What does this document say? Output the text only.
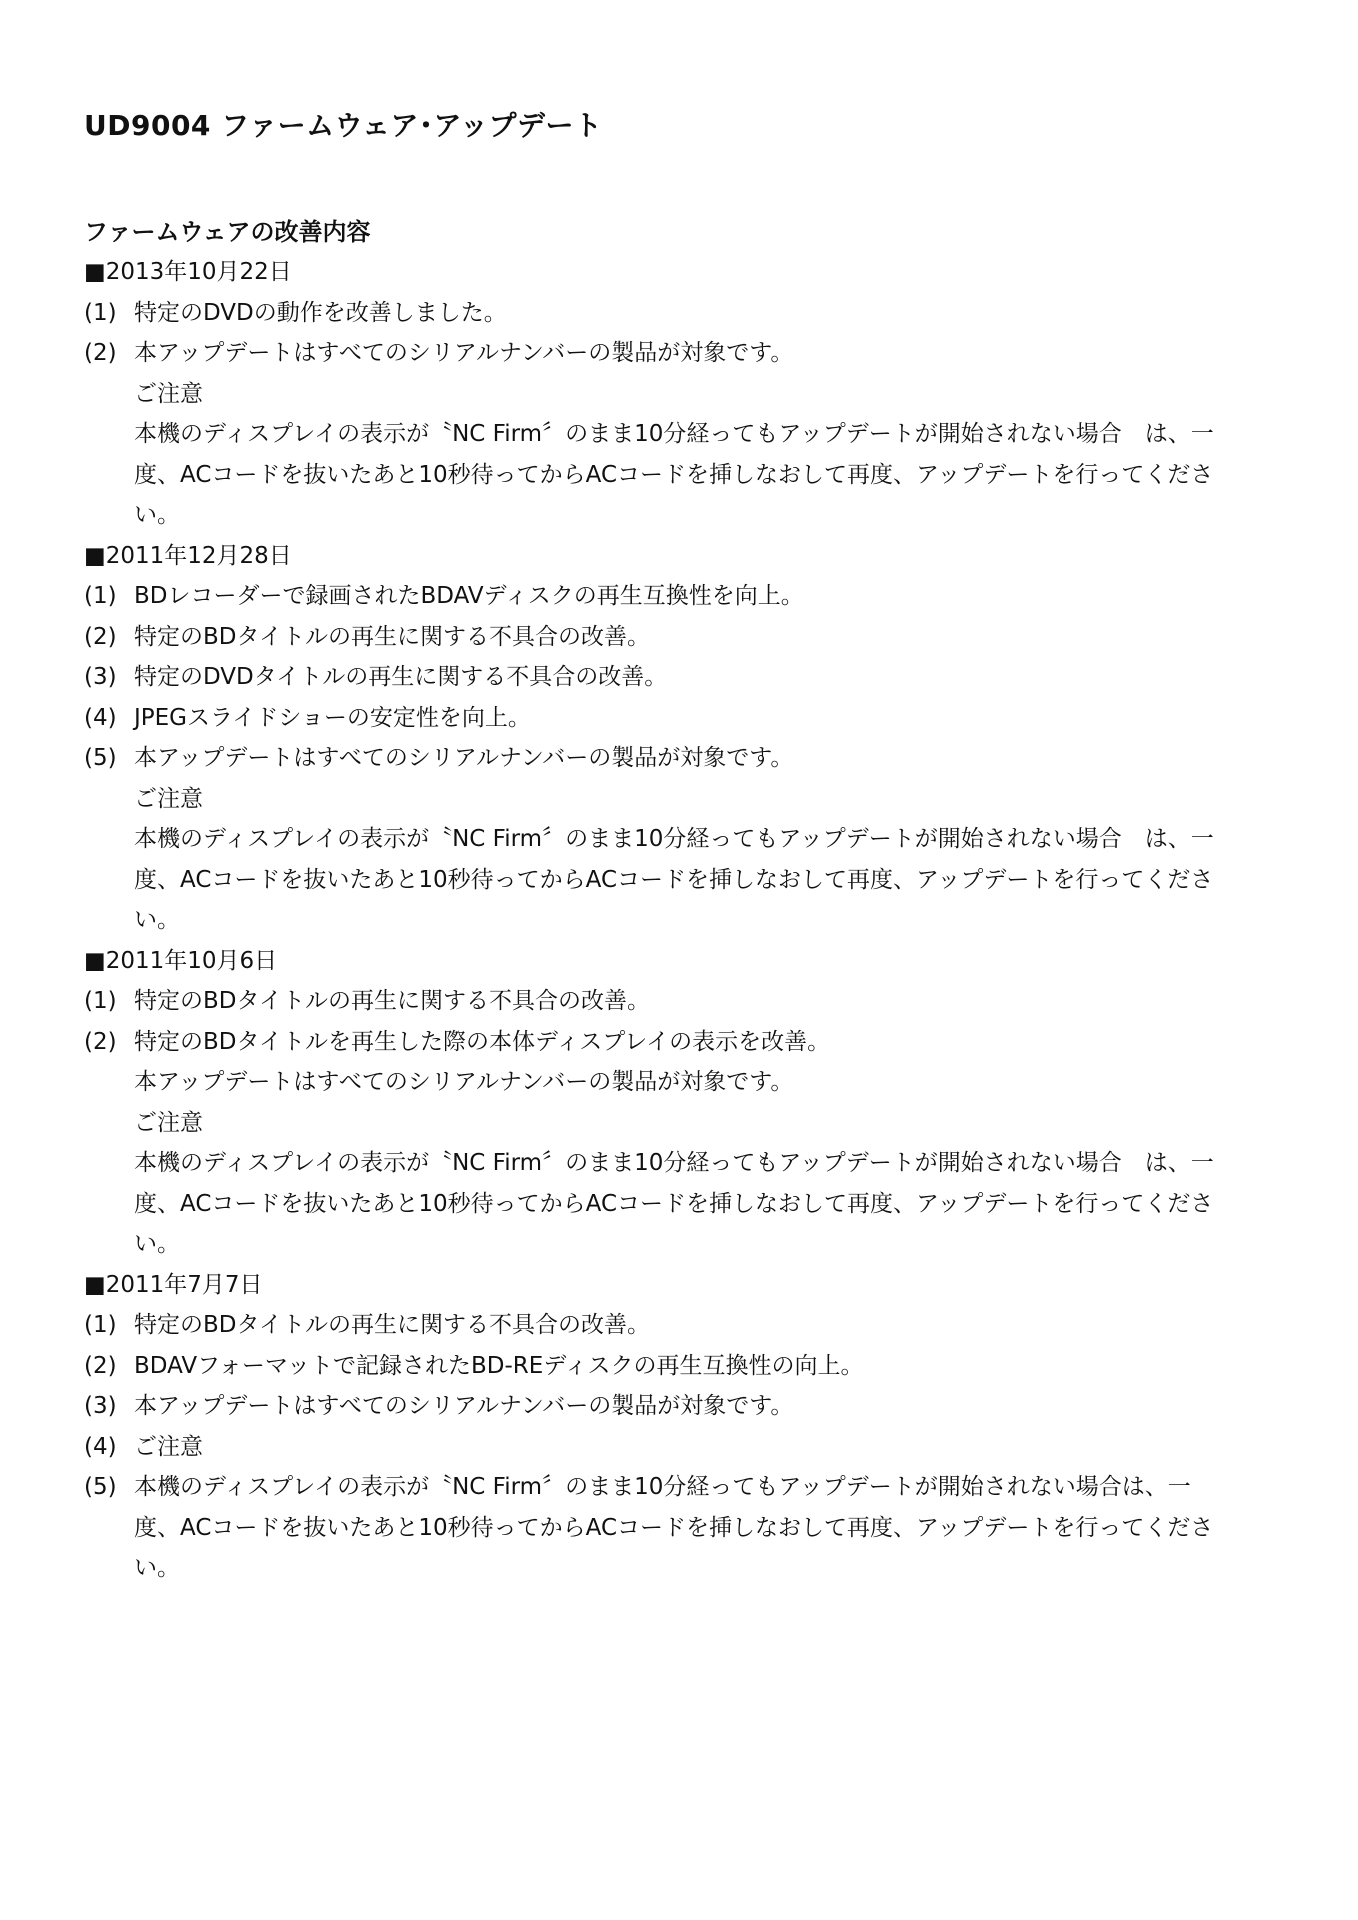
UD9004 ファームウェア･アップデート
ファームウェアの改善内容
■2013年10月22日
(1) 特定のDVDの動作を改善しました。
(2) 本アップデートはすべてのシリアルナンバーの製品が対象です。
ご注意
本機のディスプレイの表示が〝NC Firm〞のまま10分経ってもアップデートが開始されない場合　は、一
度、ACコードを抜いたあと10秒待ってからACコードを挿しなおして再度、アップデートを行ってくださ
い。
■2011年12月28日
(1) BDレコーダーで録画されたBDAVディスクの再生互換性を向上。
(2) 特定のBDタイトルの再生に関する不具合の改善。
(3) 特定のDVDタイトルの再生に関する不具合の改善。
(4) JPEGスライドショーの安定性を向上。
(5) 本アップデートはすべてのシリアルナンバーの製品が対象です。
ご注意
本機のディスプレイの表示が〝NC Firm〞のまま10分経ってもアップデートが開始されない場合　は、一
度、ACコードを抜いたあと10秒待ってからACコードを挿しなおして再度、アップデートを行ってくださ
い。
■2011年10月6日
(1) 特定のBDタイトルの再生に関する不具合の改善。
(2) 特定のBDタイトルを再生した際の本体ディスプレイの表示を改善。
本アップデートはすべてのシリアルナンバーの製品が対象です。
ご注意
本機のディスプレイの表示が〝NC Firm〞のまま10分経ってもアップデートが開始されない場合　は、一
度、ACコードを抜いたあと10秒待ってからACコードを挿しなおして再度、アップデートを行ってくださ
い。
■2011年7月7日
(1) 特定のBDタイトルの再生に関する不具合の改善。
(2) BDAVフォーマットで記録されたBD-REディスクの再生互換性の向上。
(3) 本アップデートはすべてのシリアルナンバーの製品が対象です。
(4) ご注意
(5) 本機のディスプレイの表示が〝NC Firm〞のまま10分経ってもアップデートが開始されない場合は、一
度、ACコードを抜いたあと10秒待ってからACコードを挿しなおして再度、アップデートを行ってくださ
い。
